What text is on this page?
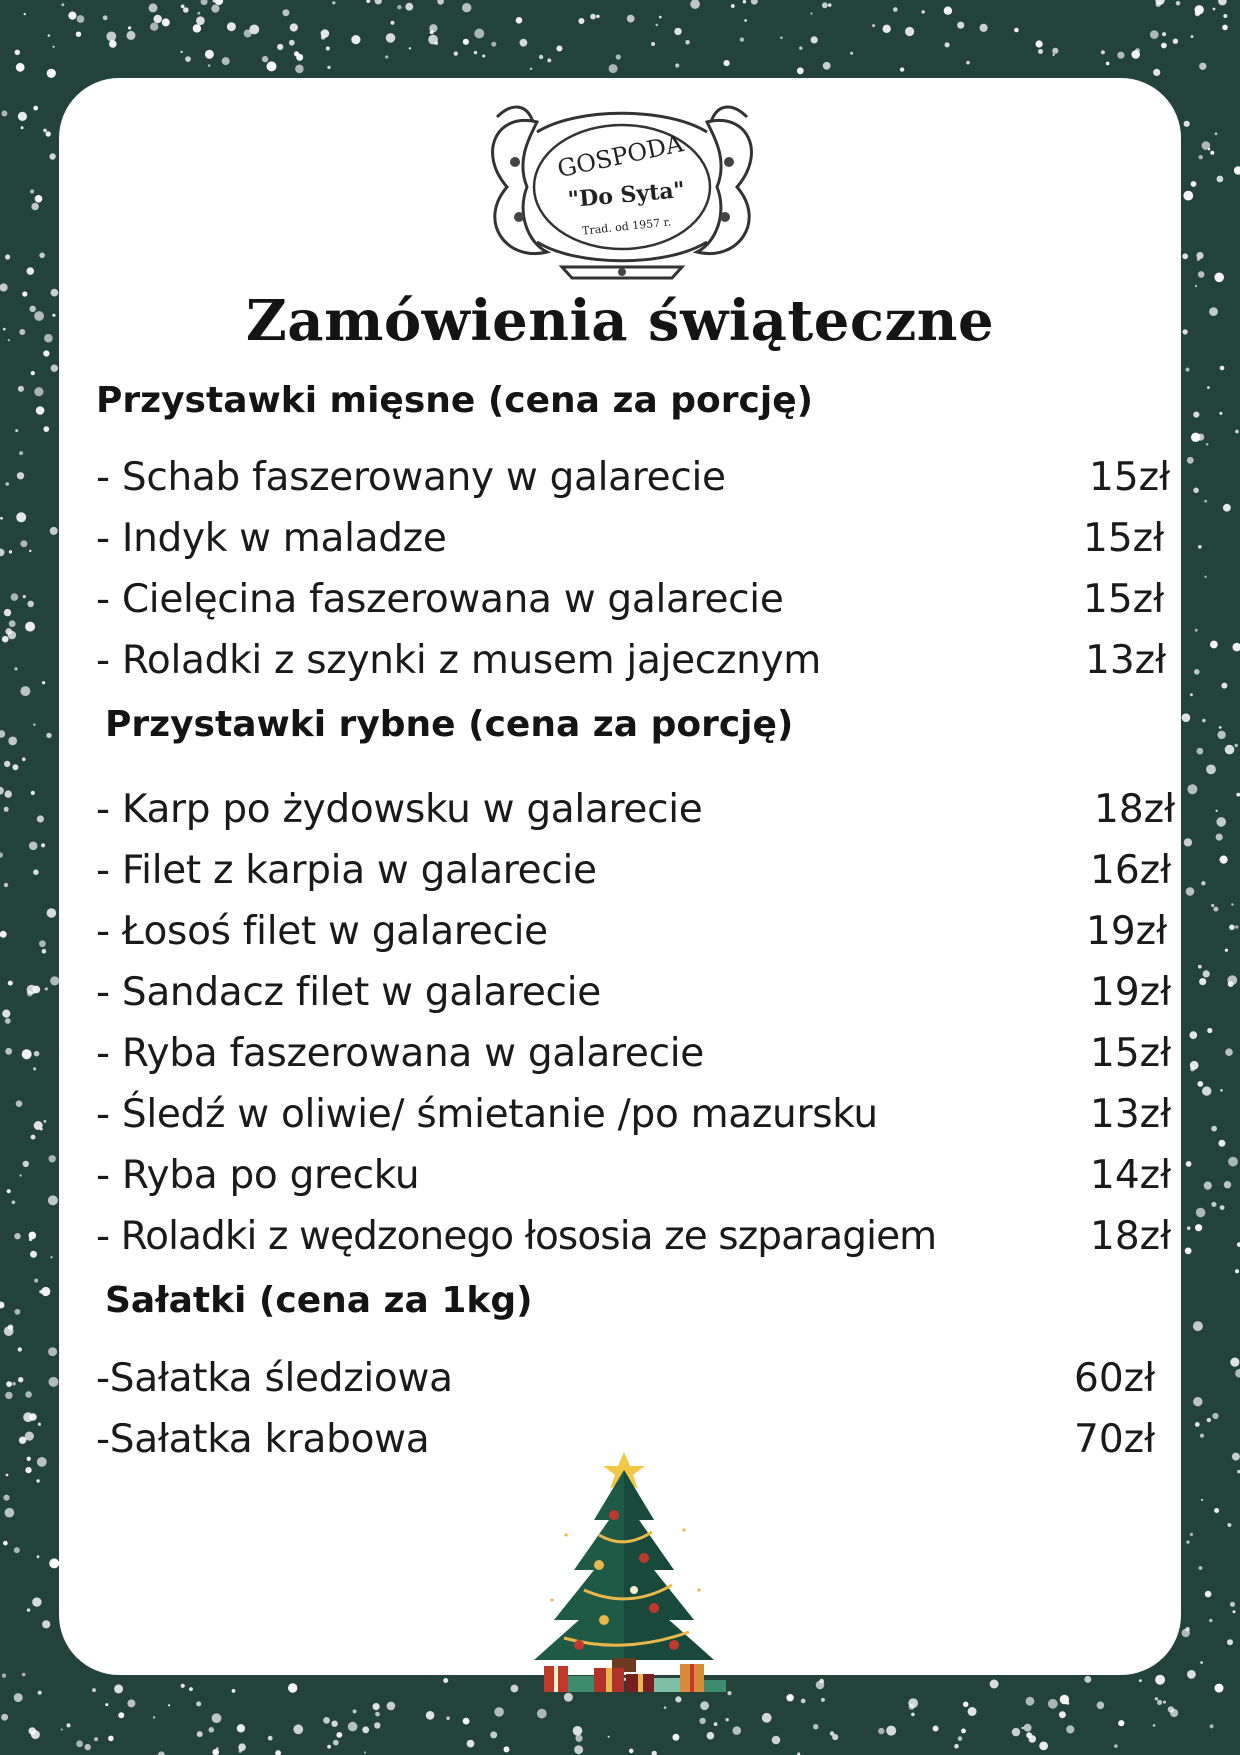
GOSPODA
"Do Syta"
Trad. od 1957 r.
Zamówienia świąteczne
Przystawki mięsne (cena za porcję)
- Schab faszerowany w galarecie	15zł
- Indyk w maladze	15zł
- Cielęcina faszerowana w galarecie	15zł
- Roladki z szynki z musem jajecznym	13zł
Przystawki rybne (cena za porcję)
- Karp po żydowsku w galarecie	18zł
- Filet z karpia w galarecie	16zł
- Łosoś filet w galarecie	19zł
- Sandacz filet w galarecie	19zł
- Ryba faszerowana w galarecie	15zł
- Śledź w oliwie/ śmietanie /po mazursku	13zł
- Ryba po grecku	14zł
- Roladki z wędzonego łososia ze szparagiem	18zł
Sałatki (cena za 1kg)
-Sałatka śledziowa	60zł
-Sałatka krabowa	70zł
